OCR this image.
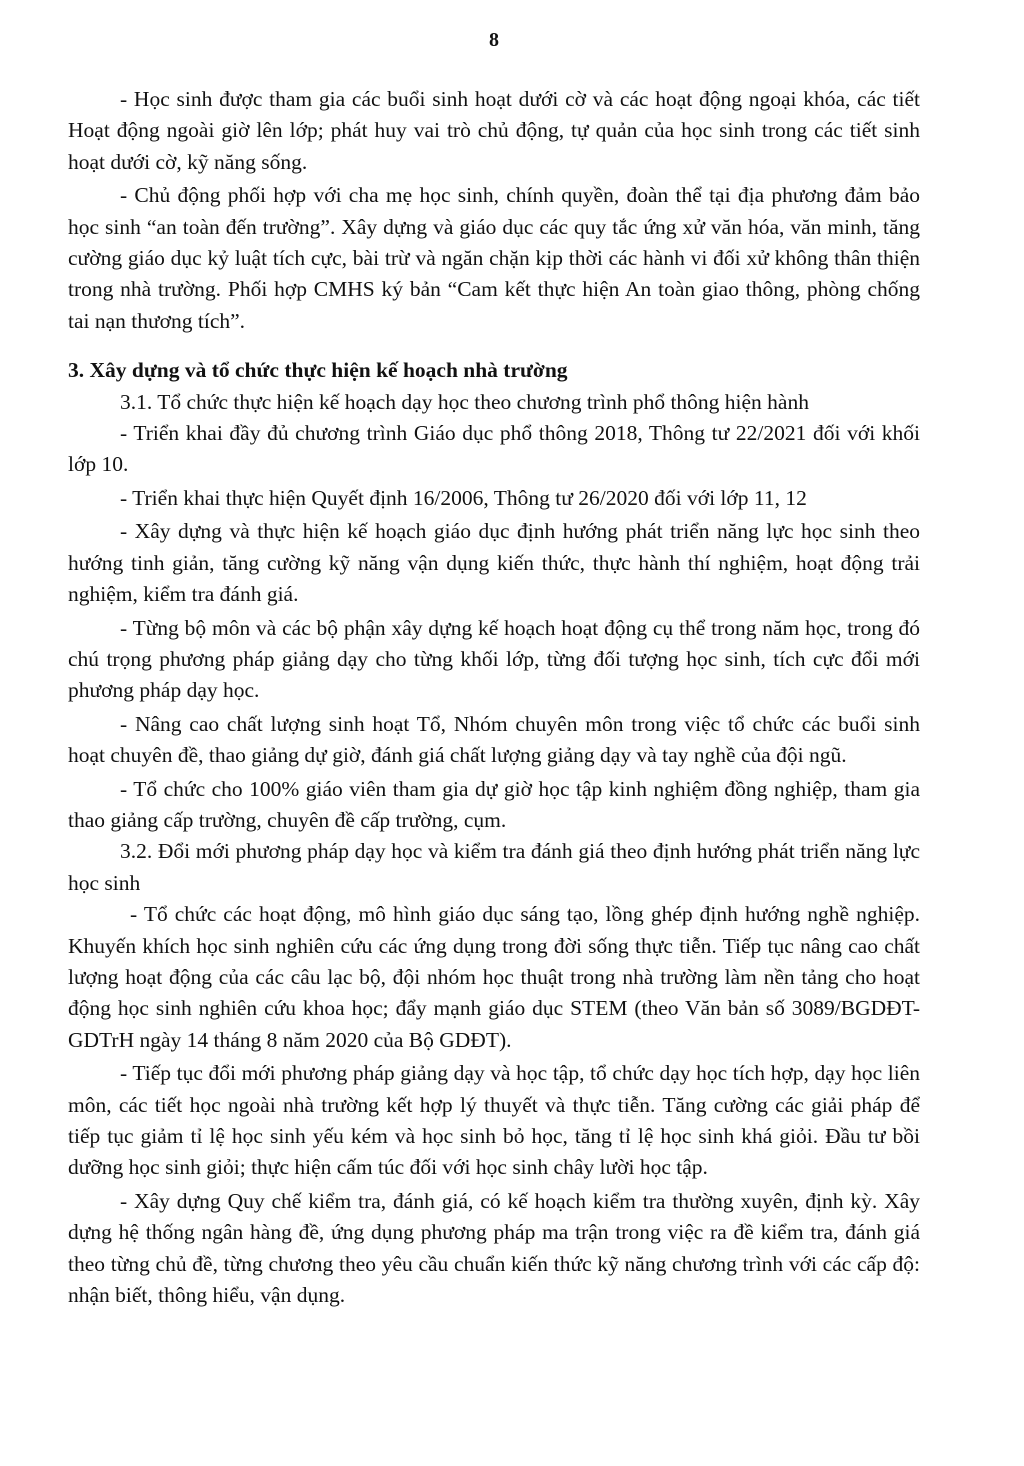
8

- Học sinh được tham gia các buổi sinh hoạt dưới cờ và các hoạt động ngoại khóa, các tiết Hoạt động ngoài giờ lên lớp; phát huy vai trò chủ động, tự quản của học sinh trong các tiết sinh hoạt dưới cờ, kỹ năng sống.

- Chủ động phối hợp với cha mẹ học sinh, chính quyền, đoàn thể tại địa phương đảm bảo học sinh “an toàn đến trường”. Xây dựng và giáo dục các quy tắc ứng xử văn hóa, văn minh, tăng cường giáo dục kỷ luật tích cực, bài trừ và ngăn chặn kịp thời các hành vi đối xử không thân thiện trong nhà trường. Phối hợp CMHS ký bản “Cam kết thực hiện An toàn giao thông, phòng chống tai nạn thương tích”.

3. Xây dựng và tổ chức thực hiện kế hoạch nhà trường

3.1. Tổ chức thực hiện kế hoạch dạy học theo chương trình phổ thông hiện hành

- Triển khai đầy đủ chương trình Giáo dục phổ thông 2018, Thông tư 22/2021 đối với khối lớp 10.

- Triển khai thực hiện Quyết định 16/2006, Thông tư 26/2020 đối với lớp 11, 12

- Xây dựng và thực hiện kế hoạch giáo dục định hướng phát triển năng lực học sinh theo hướng tinh giản, tăng cường kỹ năng vận dụng kiến thức, thực hành thí nghiệm, hoạt động trải nghiệm, kiểm tra đánh giá.

- Từng bộ môn và các bộ phận xây dựng kế hoạch hoạt động cụ thể trong năm học, trong đó chú trọng phương pháp giảng dạy cho từng khối lớp, từng đối tượng học sinh, tích cực đổi mới phương pháp dạy học.

- Nâng cao chất lượng sinh hoạt Tổ, Nhóm chuyên môn trong việc tổ chức các buổi sinh hoạt chuyên đề, thao giảng dự giờ, đánh giá chất lượng giảng dạy và tay nghề của đội ngũ.

- Tổ chức cho 100% giáo viên tham gia dự giờ học tập kinh nghiệm đồng nghiệp, tham gia thao giảng cấp trường, chuyên đề cấp trường, cụm.

3.2. Đổi mới phương pháp dạy học và kiểm tra đánh giá theo định hướng phát triển năng lực học sinh

- Tổ chức các hoạt động, mô hình giáo dục sáng tạo, lồng ghép định hướng nghề nghiệp. Khuyến khích học sinh nghiên cứu các ứng dụng trong đời sống thực tiễn. Tiếp tục nâng cao chất lượng hoạt động của các câu lạc bộ, đội nhóm học thuật trong nhà trường làm nền tảng cho hoạt động học sinh nghiên cứu khoa học; đẩy mạnh giáo dục STEM (theo Văn bản số 3089/BGDĐT-GDTrH ngày 14 tháng 8 năm 2020 của Bộ GDĐT).

- Tiếp tục đổi mới phương pháp giảng dạy và học tập, tổ chức dạy học tích hợp, dạy học liên môn, các tiết học ngoài nhà trường kết hợp lý thuyết và thực tiễn. Tăng cường các giải pháp để tiếp tục giảm tỉ lệ học sinh yếu kém và học sinh bỏ học, tăng tỉ lệ học sinh khá giỏi. Đầu tư bồi dưỡng học sinh giỏi; thực hiện cấm túc đối với học sinh chây lười học tập.

- Xây dựng Quy chế kiểm tra, đánh giá, có kế hoạch kiểm tra thường xuyên, định kỳ. Xây dựng hệ thống ngân hàng đề, ứng dụng phương pháp ma trận trong việc ra đề kiểm tra, đánh giá theo từng chủ đề, từng chương theo yêu cầu chuẩn kiến thức kỹ năng chương trình với các cấp độ: nhận biết, thông hiểu, vận dụng.
